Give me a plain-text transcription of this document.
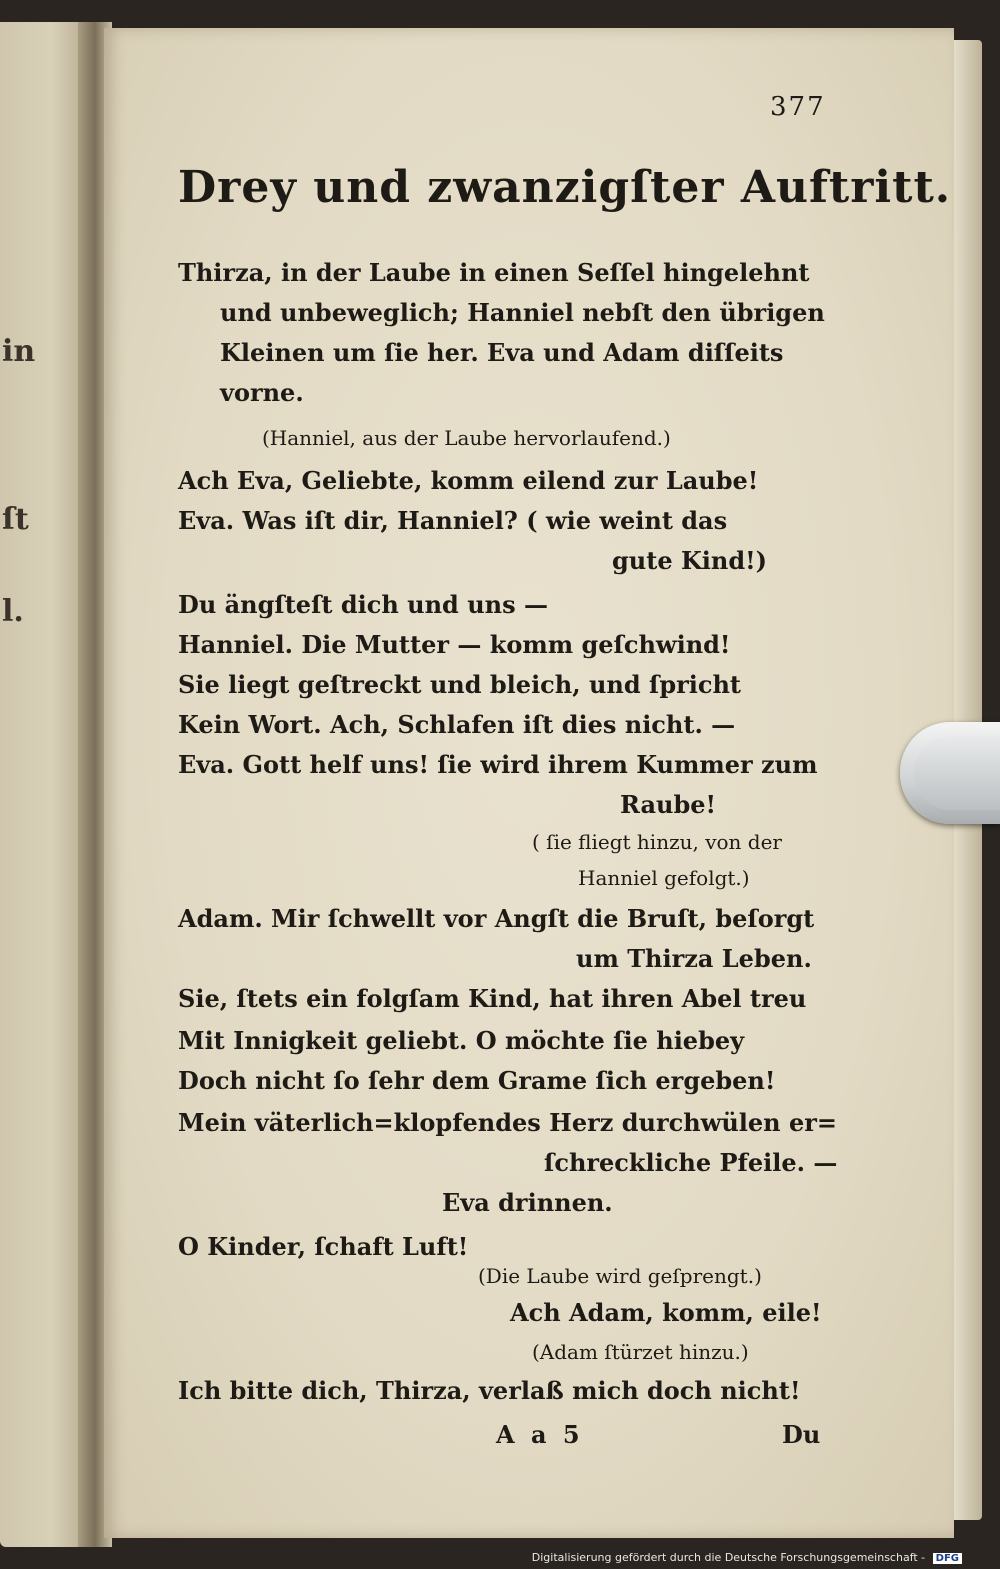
in
ſt
l.
377
Drey und zwanzigſter Auftritt.
Thirza, in der Laube in einen Seſſel hingelehnt
und unbeweglich; Hanniel nebſt den übrigen
Kleinen um ſie her. Eva und Adam diſſeits
vorne.
(Hanniel, aus der Laube hervorlaufend.)
Ach Eva, Geliebte, komm eilend zur Laube!
Eva. Was iſt dir, Hanniel? ( wie weint das
gute Kind!)
Du ängſteſt dich und uns —
Hanniel. Die Mutter — komm geſchwind!
Sie liegt geſtreckt und bleich, und ſpricht
Kein Wort. Ach, Schlafen iſt dies nicht. —
Eva. Gott helf uns! ſie wird ihrem Kummer zum
Raube!
( ſie fliegt hinzu, von der
Hanniel gefolgt.)
Adam. Mir ſchwellt vor Angſt die Bruſt, beſorgt
um Thirza Leben.
Sie, ſtets ein folgſam Kind, hat ihren Abel treu
Mit Innigkeit geliebt. O möchte ſie hiebey
Doch nicht ſo ſehr dem Grame ſich ergeben!
Mein väterlich=klopfendes Herz durchwülen er=
ſchreckliche Pfeile. —
Eva drinnen.
O Kinder, ſchaft Luft!
(Die Laube wird geſprengt.)
Ach Adam, komm, eile!
(Adam ſtürzet hinzu.)
Ich bitte dich, Thirza, verlaß mich doch nicht!
A a 5	Du
Digitalisierung gefördert durch die Deutsche Forschungsgemeinschaft - DFG
